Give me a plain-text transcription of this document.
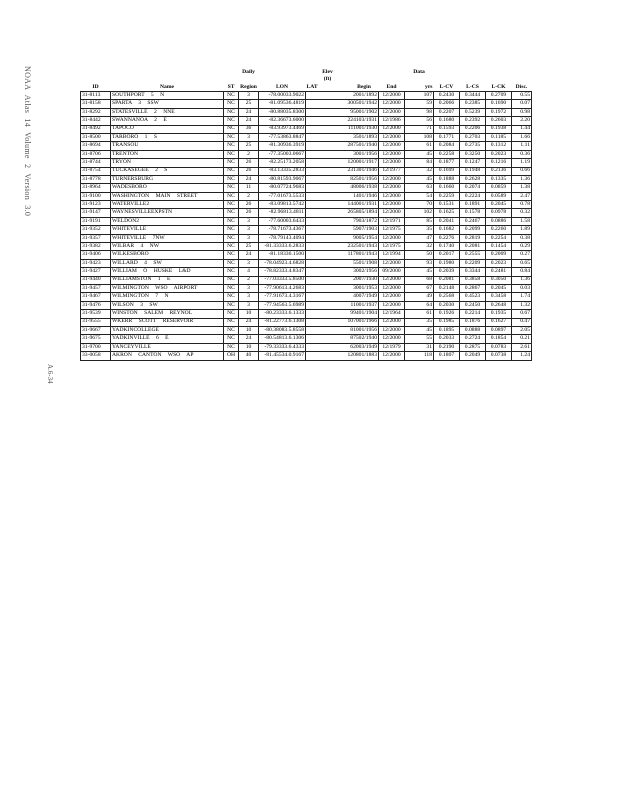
NOAA Atlas 14 Volume 2 Version 3.0
A.6-34
			Daily		Elev			Data				
					(ft)							
ID	Name	ST	Region	LON	LAT	Begin	End	yrs	L-CV	L-CS	L-CK	Disc.
31-8113	SOUTHPORT 5 N	NC	3	-78.00033.9022	2001/1892		12/2000	107	0.2430	0.3444	0.2709	0.55
31-8158	SPARTA 3 SSW	NC	25	-81.09536.4819	300501/1942		12/2000	59	0.2066	0.2385	0.1690	0.07
31-8292	STATESVILLE 2 NNE	NC	24	-80.88035.8300	95001/1902		12/2000	98	0.2207	0.5239	0.1972	0.98
31-8442	SWANNANOA 2 E	NC	24	-82.36673.6000	224103/1931		12/1986	56	0.1680	0.2392	0.2603	2.20
31-8492	TAPOCO	NC	36	-83.93973.4469	111001/1930		12/2000	71	0.1593	0.2206	0.1938	1.44
31-8500	TARBORO 1 S	NC	3	-77.53863.8847	3501/1893		12/2000	108	0.1771	0.2703	0.1185	1.66
31-8694	TRANSOU	NC	25	-81.30936.3919	287501/1940		12/2000	61	0.2084	0.2735	0.1312	1.11
31-8706	TRENTON	NC	2	-77.35003.0667	3001/1956		12/2000	45	0.2258	0.3250	0.2023	0.36
31-8744	TRYON	NC	26	-82.25173.2058	120001/1917		12/2000	84	0.1877	0.1247	0.1216	1.19
31-8754	TUCKASEGEE 2 S	NC	26	-83.13335.2833	231301/1946		12/1977	32	0.1699	0.1948	0.2136	0.66
31-8778	TURNERSBURG	NC	24	-80.81593.9067	82501/1956		12/2000	45	0.1888	0.2628	0.1335	1.36
31-8964	WADESBORO	NC	11	-80.07724.9683	48006/1938		12/2000	63	0.1660	0.2074	0.0859	1.38
31-9100	WASHINGTON MAIN STREET	NC	2	-77.01673.5533	1401/1946		12/2000	54	0.2259	0.2224	0.0589	2.47
31-9123	WATERVILLE2	NC	26	-83.09813.5742	144001/1931		12/2000	70	0.1531	0.1891	0.2045	0.78
31-9147	WAYNESVILLEEXPSTN	NC	26	-82.96813.4811	265805/1894		12/2000	102	0.1625	0.1578	0.0978	0.32
31-9191	WELDON2	NC	3	-77.60003.6433	7903/1872		12/1971	85	0.2041	0.2467	0.0886	1.58
31-9352	WHITEVILLE	NC	3	-78.71673.4367	5907/1903		12/1975	35	0.1682	0.2099	0.2260	1.89
31-9357	WHITEVILLE 7NW	NC	3	-78.79143.4094	9005/1954		12/2000	47	0.2276	0.2819	0.2254	0.38
31-9382	WILBAR 4 NW	NC	25	-81.33333.6.2833	232501/1943		12/1975	32	0.1740	0.2081	0.1454	0.29
31-9406	WILKESBORO	NC	24	-81.18336.1500	117801/1943		12/1994	50	0.2017	0.2555	0.2009	0.27
31-9423	WILLARD 4 SW	NC	3	-78.04923.4.6828	5501/1908		12/2000	93	0.1980	0.2209	0.2023	0.65
31-9427	WILLIAM O HUSKE L&D	NC	4	-78.82333.4.8347	3002/1956		09/2000	45	0.2039	0.3344	0.2481	0.84
31-9440	WILLIAMSTON 1 E	NC	2	-77.03333.5.8500	2007/1930		12/2000	68	0.2081	0.3858	0.3050	1.36
31-9457	WILMINGTON WSO AIRPORT	NC	3	-77.90613.4.2683	3001/1953		12/2000	67	0.2148	0.2867	0.2045	0.03
31-9467	WILMINGTON 7 N	NC	3	-77.91673.4.3167	4007/1949		12/2000	49	0.2568	0.4523	0.3458	1.74
31-9476	WILSON 3 SW	NC	3	-77.94563.5.6989	11001/1937		12/2000	64	0.2030	0.2450	0.2648	1.32
31-9539	WINSTON SALEM REYNOL	NC	10	-80.23333.6.1333	99401/1904		12/1964	61	0.1926	0.2214	0.1935	0.67
31-9555	WKERR SCOTT RESERVOIR	NC	24	-81.22773.6.1308	107001/1966		12/2000	35	0.1985	0.1876	0.1627	0.47
31-9667	YADKINCOLLEGE	NC	10	-80.38083.5.8558	81001/1956		12/2000	45	0.1895	0.0888	0.0897	2.05
31-9675	YADKINVILLE 6 E	NC	24	-80.54813.6.1306	87502/1940		12/2000	55	0.2033	0.2724	0.1854	0.21
31-9700	YANCEYVILLE	NC	10	-79.33333.6.4333	62003/1949		12/1979	31	0.2190	0.2875	0.0783	2.61
33-0058	AKRON CANTON WSO AP	OH	40	-81.45534.0.9167	120801/1883		12/2000	118	0.1807	0.2049	0.0738	1.24
